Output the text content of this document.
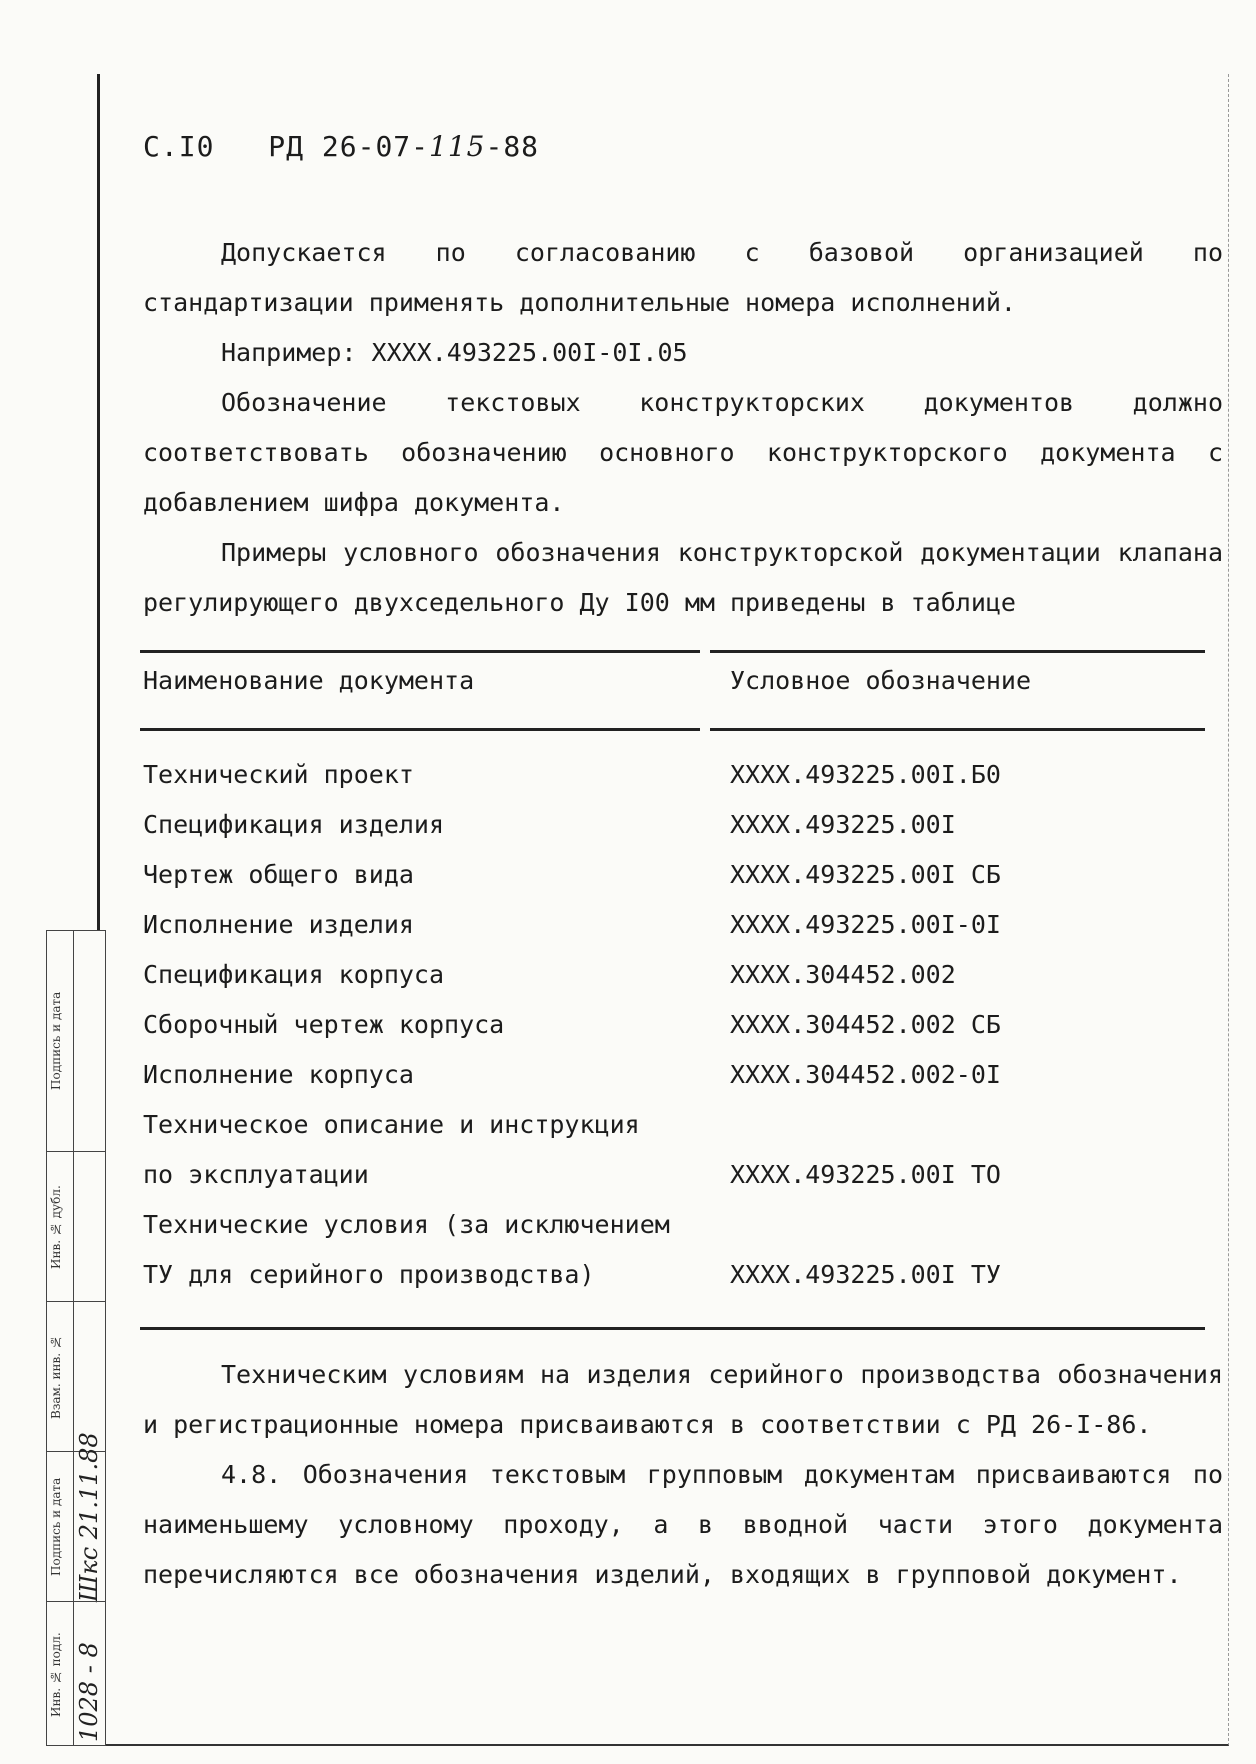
С.I0 РД 26-07-115-88

Допускается по согласованию с базовой организацией по стандартизации применять дополнительные номера исполнений.

Например: XXXX.493225.00I-0I.05

Обозначение текстовых конструкторских документов должно соответствовать обозначению основного конструкторского документа с добавлением шифра документа.

Примеры условного обозначения конструкторской документации клапана регулирующего двухседельного Ду I00 мм приведены в таблице

Наименование документа	Условное обозначение
Технический проект	XXXX.493225.00I.Б0
Спецификация изделия	XXXX.493225.00I
Чертеж общего вида	XXXX.493225.00I СБ
Исполнение изделия	XXXX.493225.00I-0I
Спецификация корпуса	XXXX.304452.002
Сборочный чертеж корпуса	XXXX.304452.002 СБ
Исполнение корпуса	XXXX.304452.002-0I
Техническое описание и инструкция
по эксплуатации	XXXX.493225.00I ТО
Технические условия (за исключением
ТУ для серийного производства)	XXXX.493225.00I ТУ

Техническим условиям на изделия серийного производства обозначения и регистрационные номера присваиваются в соответствии с РД 26-I-86.

4.8. Обозначения текстовым групповым документам присваиваются по наименьшему условному проходу, а в вводной части этого документа перечисляются все обозначения изделий, входящих в групповой документ.

Подпись и дата
Инв. № дубл.
Взам. инв. №
Подпись и дата Шкс 21.11.88
Инв. № подл. 1028 - 8
